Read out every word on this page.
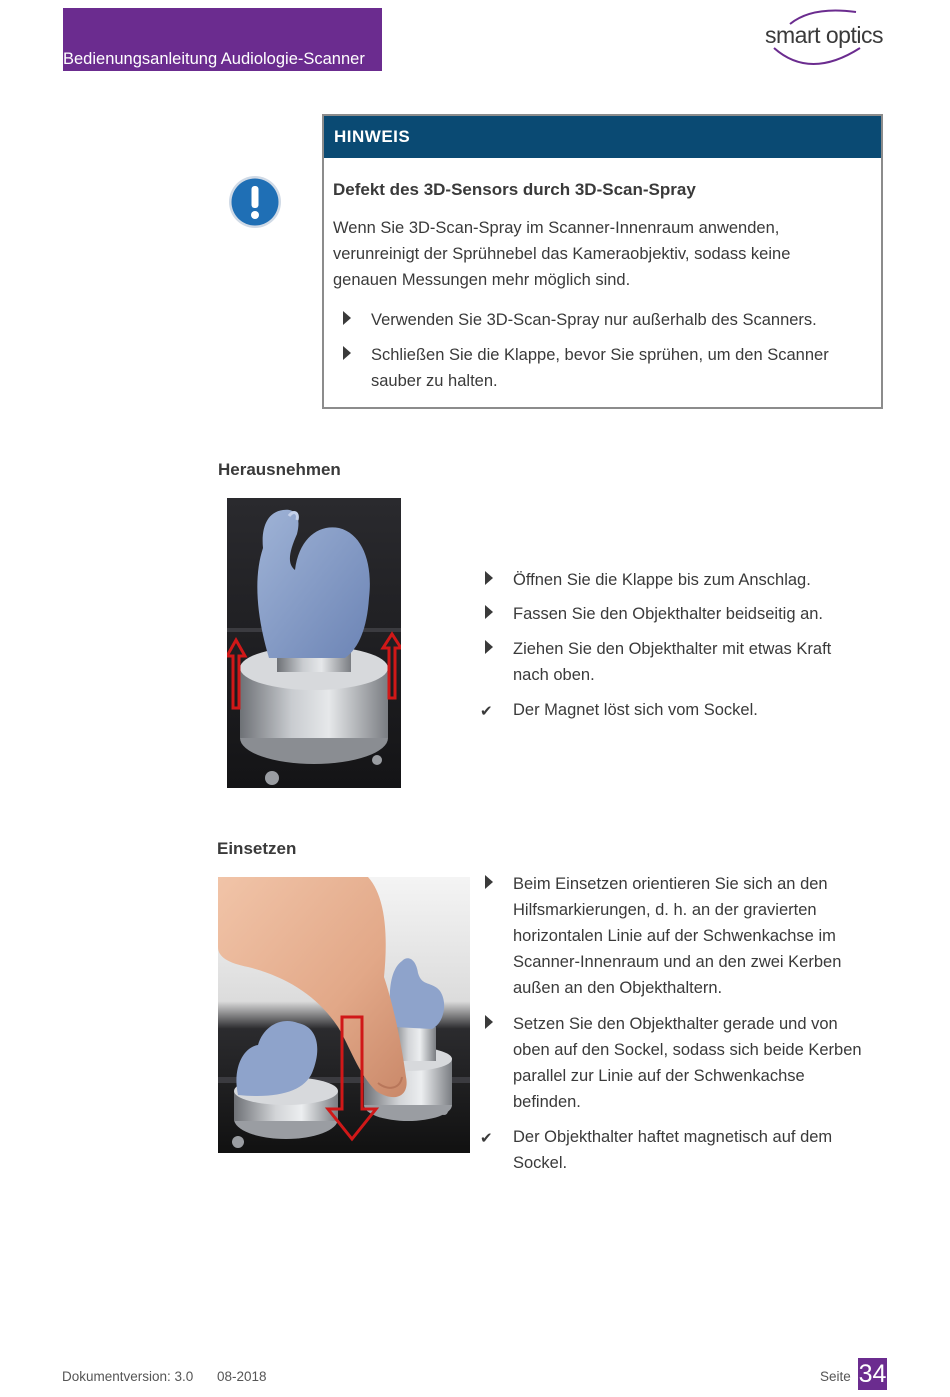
Bedienungsanleitung Audiologie-Scanner
smart optics
HINWEIS
Defekt des 3D-Sensors durch 3D-Scan-Spray
Wenn Sie 3D-Scan-Spray im Scanner-Innenraum anwenden,
verunreinigt der Sprühnebel das Kameraobjektiv, sodass keine
genauen Messungen mehr möglich sind.
Verwenden Sie 3D-Scan-Spray nur außerhalb des Scanners.
Schließen Sie die Klappe, bevor Sie sprühen, um den Scanner
sauber zu halten.
Herausnehmen
Öffnen Sie die Klappe bis zum Anschlag.
Fassen Sie den Objekthalter beidseitig an.
Ziehen Sie den Objekthalter mit etwas Kraft
nach oben.
✔ Der Magnet löst sich vom Sockel.
Einsetzen
Beim Einsetzen orientieren Sie sich an den
Hilfsmarkierungen, d. h. an der gravierten
horizontalen Linie auf der Schwenkachse im
Scanner-Innenraum und an den zwei Kerben
außen an den Objekthaltern.
Setzen Sie den Objekthalter gerade und von
oben auf den Sockel, sodass sich beide Kerben
parallel zur Linie auf der Schwenkachse
befinden.
✔ Der Objekthalter haftet magnetisch auf dem
Sockel.
Dokumentversion: 3.0 08-2018	Seite 34
